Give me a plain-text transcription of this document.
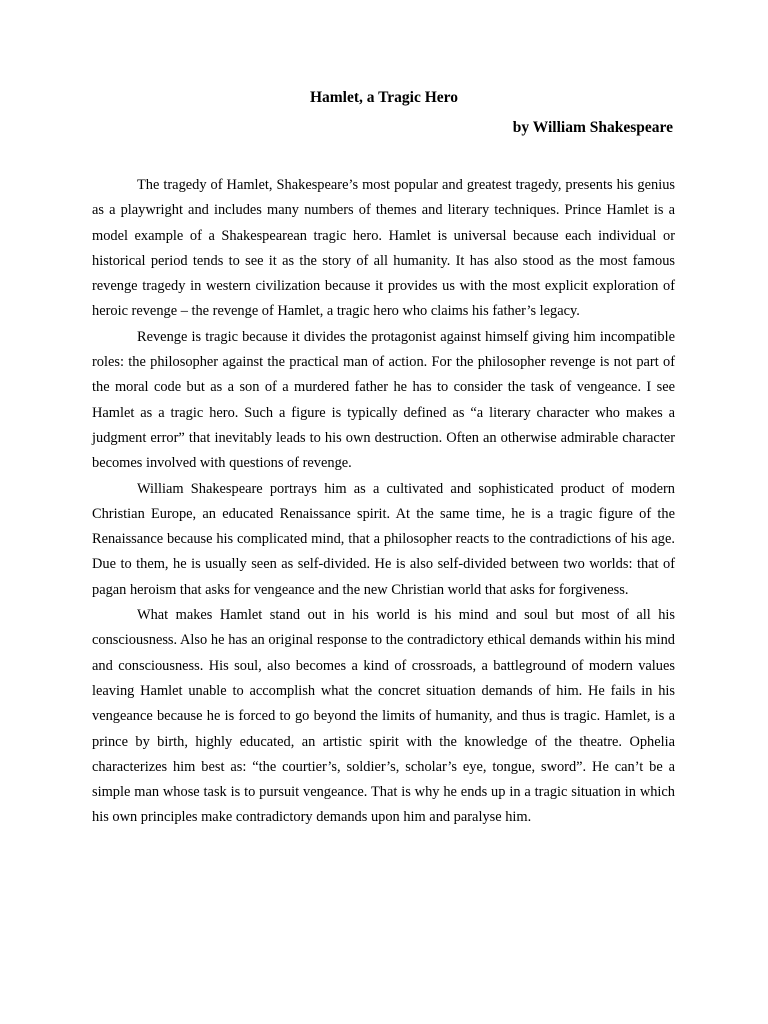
Hamlet, a Tragic Hero
by William Shakespeare

The tragedy of Hamlet, Shakespeare’s most popular and greatest tragedy, presents his genius as a playwright and includes many numbers of themes and literary techniques. Prince Hamlet is a model example of a Shakespearean tragic hero. Hamlet is universal because each individual or historical period tends to see it as the story of all humanity. It has also stood as the most famous revenge tragedy in western civilization because it provides us with the most explicit exploration of heroic revenge – the revenge of Hamlet, a tragic hero who claims his father’s legacy.

Revenge is tragic because it divides the protagonist against himself giving him incompatible roles: the philosopher against the practical man of action. For the philosopher revenge is not part of the moral code but as a son of a murdered father he has to consider the task of vengeance. I see Hamlet as a tragic hero. Such a figure is typically defined as “a literary character who makes a judgment error” that inevitably leads to his own destruction. Often an otherwise admirable character becomes involved with questions of revenge.

William Shakespeare portrays him as a cultivated and sophisticated product of modern Christian Europe, an educated Renaissance spirit. At the same time, he is a tragic figure of the Renaissance because his complicated mind, that a philosopher reacts to the contradictions of his age. Due to them, he is usually seen as self-divided. He is also self-divided between two worlds: that of pagan heroism that asks for vengeance and the new Christian world that asks for forgiveness.

What makes Hamlet stand out in his world is his mind and soul but most of all his consciousness. Also he has an original response to the contradictory ethical demands within his mind and consciousness. His soul, also becomes a kind of crossroads, a battleground of modern values leaving Hamlet unable to accomplish what the concret situation demands of him. He fails in his vengeance because he is forced to go beyond the limits of humanity, and thus is tragic. Hamlet, is a prince by birth, highly educated, an artistic spirit with the knowledge of the theatre. Ophelia characterizes him best as: “the courtier’s, soldier’s, scholar’s eye, tongue, sword”. He can’t be a simple man whose task is to pursuit vengeance. That is why he ends up in a tragic situation in which his own principles make contradictory demands upon him and paralyse him.
